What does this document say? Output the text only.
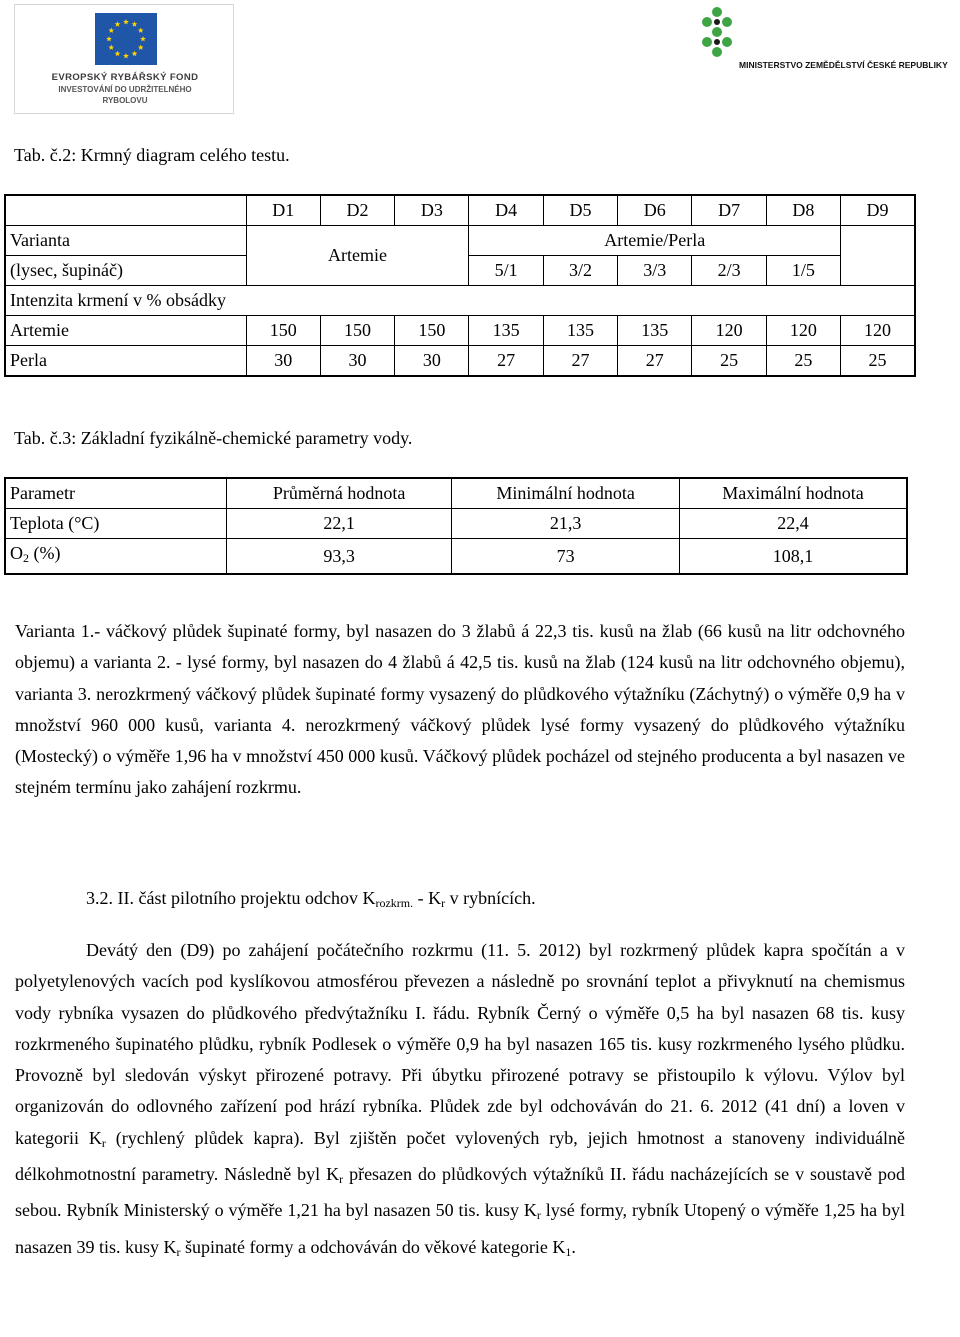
EVROPSKÝ RYBÁŘSKÝ FOND
INVESTOVÁNÍ DO UDRŽITELNÉHO
RYBOLOVU
MINISTERSTVO ZEMĚDĚLSTVÍ ČESKÉ REPUBLIKY
Tab. č.2: Krmný diagram celého testu.
	D1	D2	D3	D4	D5	D6	D7	D8	D9
Varianta	Artemie			Artemie/Perla					
(lysec, šupináč)				5/1	3/2	3/3	2/3	1/5	
Intenzita krmení v % obsádky									
Artemie	150	150	150	135	135	135	120	120	120
Perla	30	30	30	27	27	27	25	25	25
Tab. č.3: Základní fyzikálně-chemické parametry vody.
Parametr	Průměrná hodnota	Minimální hodnota	Maximální hodnota
Teplota (°C)	22,1	21,3	22,4
$O_2$ (%)	93,3	73	108,1

Varianta 1.- váčkový plůdek šupinaté formy, byl nasazen do 3 žlabů á 22,3 tis. kusů na žlab (66 kusů na litr odchovného objemu) a varianta 2. - lysé formy, byl nasazen do 4 žlabů á 42,5 tis. kusů na žlab (124 kusů na litr odchovného objemu), varianta 3. nerozkrmený váčkový plůdek šupinaté formy vysazený do plůdkového výtažníku (Záchytný) o výměře 0,9 ha v množství 960 000 kusů, varianta 4. nerozkrmený váčkový plůdek lysé formy vysazený do plůdkového výtažníku (Mostecký) o výměře 1,96 ha v množství 450 000 kusů. Váčkový plůdek pocházel od stejného producenta a byl nasazen ve stejném termínu jako zahájení rozkrmu.

3.2. II. část pilotního projektu odchov $K_{rozkrm.} - K_r$ v rybnících.

Devátý den (D9) po zahájení počátečního rozkrmu (11. 5. 2012) byl rozkrmený plůdek kapra spočítán a v polyetylenových vacích pod kyslíkovou atmosférou převezen a následně po srovnání teplot a přivyknutí na chemismus vody rybníka vysazen do plůdkového předvýtažníku I. řádu. Rybník Černý o výměře 0,5 ha byl nasazen 68 tis. kusy rozkrmeného šupinatého plůdku, rybník Podlesek o výměře 0,9 ha byl nasazen 165 tis. kusy rozkrmeného lysého plůdku. Provozně byl sledován výskyt přirozené potravy. Při úbytku přirozené potravy se přistoupilo k výlovu. Výlov byl organizován do odlovného zařízení pod hrází rybníka. Plůdek zde byl odchováván do 21. 6. 2012 (41 dní) a loven v kategorii $K_r$ (rychlený plůdek kapra). Byl zjištěn počet vylovených ryb, jejich hmotnost a stanoveny individuálně délkohmotnostní parametry. Následně byl $K_r$ přesazen do plůdkových výtažníků II. řádu nacházejících se v soustavě pod sebou. Rybník Ministerský o výměře 1,21 ha byl nasazen 50 tis. kusy $K_r$ lysé formy, rybník Utopený o výměře 1,25 ha byl nasazen 39 tis. kusy $K_r$ šupinaté formy a odchováván do věkové kategorie $K_1$.
